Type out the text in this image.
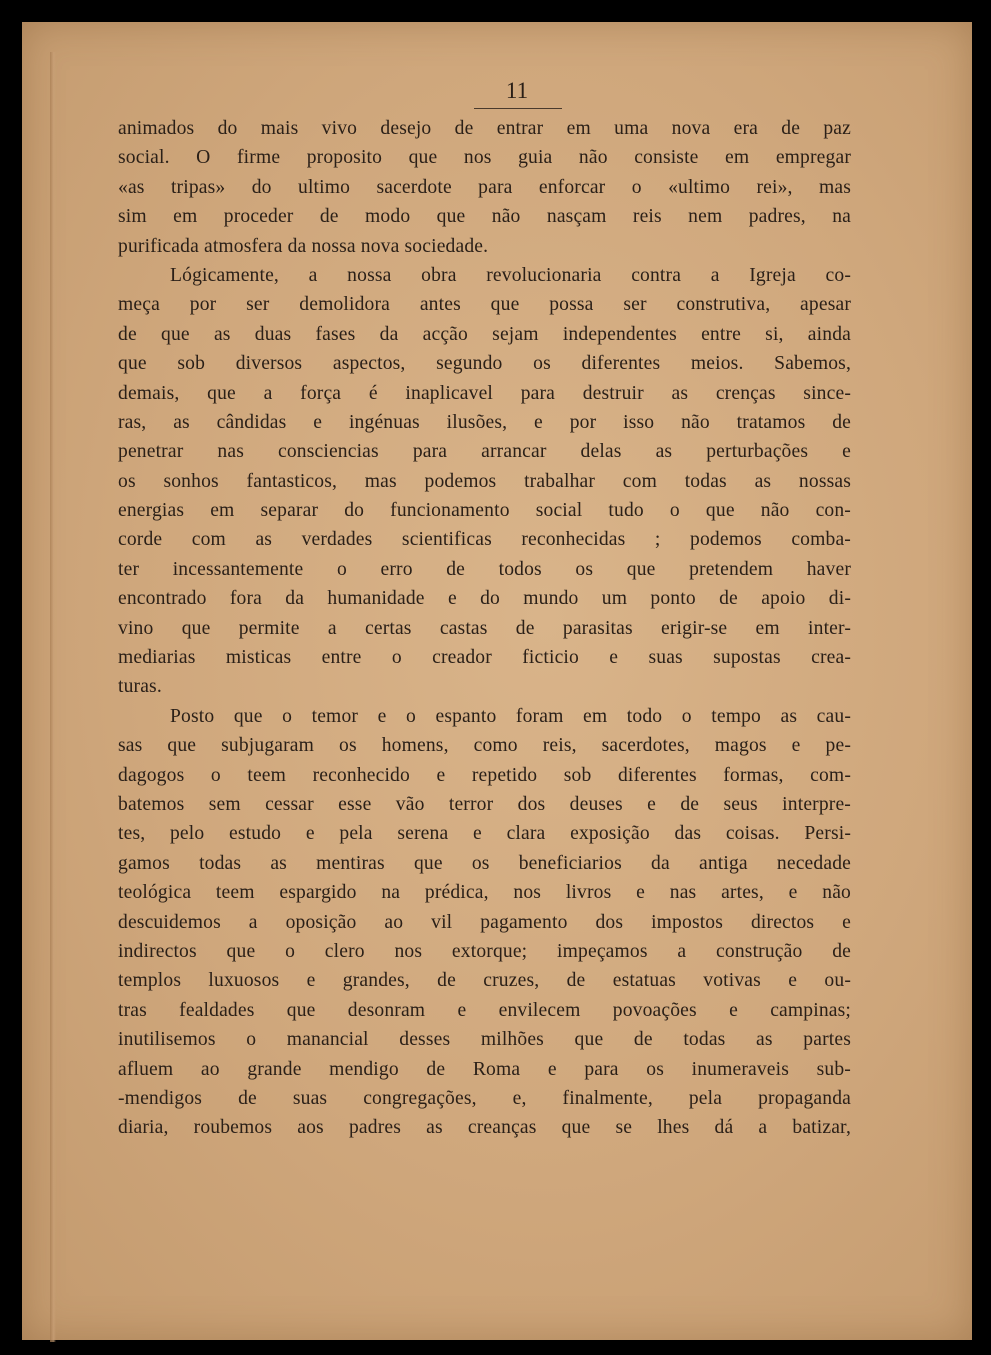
11
animados do mais vivo desejo de entrar em uma nova era de paz
social. O firme proposito que nos guia não consiste em empregar
«as tripas» do ultimo sacerdote para enforcar o «ultimo rei», mas
sim em proceder de modo que não nasçam reis nem padres, na
purificada atmosfera da nossa nova sociedade.
Lógicamente, a nossa obra revolucionaria contra a Igreja co-
meça por ser demolidora antes que possa ser construtiva, apesar
de que as duas fases da acção sejam independentes entre si, ainda
que sob diversos aspectos, segundo os diferentes meios. Sabemos,
demais, que a força é inaplicavel para destruir as crenças since-
ras, as cândidas e ingénuas ilusões, e por isso não tratamos de
penetrar nas consciencias para arrancar delas as perturbações e
os sonhos fantasticos, mas podemos trabalhar com todas as nossas
energias em separar do funcionamento social tudo o que não con-
corde com as verdades scientificas reconhecidas ; podemos comba-
ter incessantemente o erro de todos os que pretendem haver
encontrado fora da humanidade e do mundo um ponto de apoio di-
vino que permite a certas castas de parasitas erigir-se em inter-
mediarias misticas entre o creador ficticio e suas supostas crea-
turas.
Posto que o temor e o espanto foram em todo o tempo as cau-
sas que subjugaram os homens, como reis, sacerdotes, magos e pe-
dagogos o teem reconhecido e repetido sob diferentes formas, com-
batemos sem cessar esse vão terror dos deuses e de seus interpre-
tes, pelo estudo e pela serena e clara exposição das coisas. Persi-
gamos todas as mentiras que os beneficiarios da antiga necedade
teológica teem espargido na prédica, nos livros e nas artes, e não
descuidemos a oposição ao vil pagamento dos impostos directos e
indirectos que o clero nos extorque; impeçamos a construção de
templos luxuosos e grandes, de cruzes, de estatuas votivas e ou-
tras fealdades que desonram e envilecem povoações e campinas;
inutilisemos o manancial desses milhões que de todas as partes
afluem ao grande mendigo de Roma e para os inumeraveis sub-
-mendigos de suas congregações, e, finalmente, pela propaganda
diaria, roubemos aos padres as creanças que se lhes dá a batizar,
